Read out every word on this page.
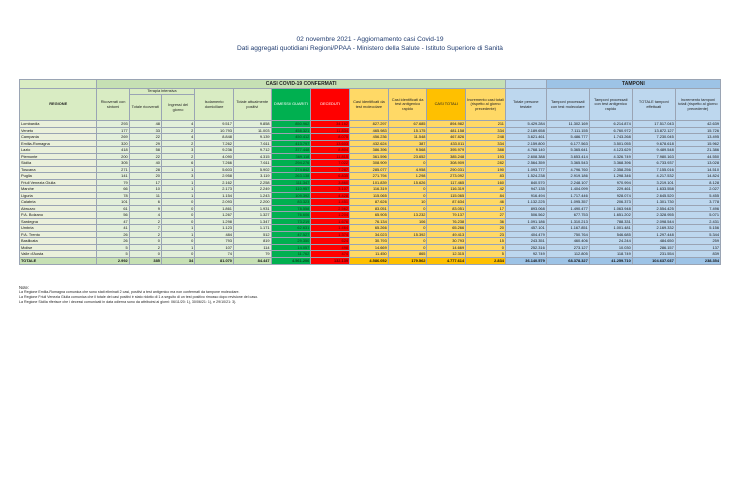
02 novembre 2021 - Aggiornamento casi Covid-19
Dati aggregati quotidiani Regioni/PPAA - Ministero della Salute - Istituto Superiore di Sanità
	CASI COVID-19 CONFERMATI												TAMPONI			
REGIONE	Ricoverati con sintomi	Terapia intensiva		Isolamento domiciliare	Totale attualmente positivi	DIMESSI/ GUARITI	DECEDUTI	Casi identificati da test molecolare	Casi identificati da test antigenico rapido	CASI TOTALI	Incremento casi totali (rispetto al giorno precedente)	Totale persone testate	Tamponi processati con test molecolare	Tamponi processati con test antigenico rapido	TOTALE tamponi effettuati	Incremento tamponi totali (rispetto al giorno precedente)
		Totale ricoverati	Ingressi del giorno													
Lombardia	293	48	4	9.517	9.858	850.962	34.162	827.297	67.685	894.982	211	5.429.284	11.302.169	6.214.874	17.517.043	42.639
Veneto	177	33	2	10.793	11.003	458.321	11.834	465.983	15.175	481.158	334	2.189.658	7.111.155	6.760.972	13.872.127	15.726
Campania	269	22	4	8.848	9.139	450.412	8.075	456.236	11.548	467.826	248	3.621.461	5.486.777	1.743.268	7.230.045	13.495
Emilia-Romagna	320	29	2	7.262	7.611	413.797	13.603	432.624	387	433.011	334	2.159.800	6.177.563	3.501.055	9.678.618	15.962
Lazio	418	58	3	9.236	9.712	377.448	8.804	386.396	9.568	395.979	388	4.768.140	5.365.641	4.123.629	9.489.548	21.386
Piemonte	200	22	2	4.090	4.315	369.118	11.815	361.596	23.652	385.248	193	2.608.388	3.653.414	4.326.749	7.980.163	44.550
Sicilia	305	40	6	7.266	7.611	294.276	7.022	308.909	0	308.909	282	2.564.359	3.365.543	3.368.396	6.733.937	13.028
Toscana	271	28	1	5.603	5.902	274.842	7.287	285.077	4.958	290.031	190	1.093.777	4.796.760	2.358.256	7.155.016	14.510
Puglia	141	20	3	2.958	3.119	263.138	6.835	271.794	1.298	273.092	83	1.524.238	2.919.186	1.298.346	4.217.532	14.824
Friuli Venezia Giulia	79	17	1	2.162	2.258	111.347	3.860	101.839	15.626	117.465	160	840.570	2.248.107	970.994	3.219.101	8.128
Marche	66	10	1	2.173	2.249	110.957	3.107	116.319	0	116.319	42	947.135	1.404.099	229.461	1.633.558	2.027
Liguria	78	11	1	1.154	1.243	109.392	4.428	115.065	0	115.065	84	916.494	1.717.446	928.074	2.645.520	5.455
Calabria	101	6	0	2.093	2.200	83.323	1.451	87.626	10	87.634	46	1.132.225	1.095.357	206.373	1.301.730	3.778
Abruzzo	61	9	0	1.861	1.931	78.558	2.562	83.051	0	83.051	17	893.068	1.490.477	1.063.948	2.554.425	7.496
P.A. Bolzano	56	4	0	1.267	1.327	76.606	1.204	65.905	13.232	79.137	27	506.562	677.753	1.651.202	2.328.955	5.071
Sardegna	47	2	0	1.298	1.347	73.219	1.676	76.134	106	76.238	36	1.091.186	1.310.213	788.331	2.098.544	2.431
Umbria	41	7	1	1.123	1.171	62.631	1.464	65.266	0	65.266	20	457.101	1.167.851	1.001.481	2.169.332	5.156
P.A. Trento	26	2	1	484	512	47.527	1.374	34.023	15.392	49.413	23	404.479	750.764	546.685	1.297.448	5.344
Basilicata	26	0	0	793	819	29.350	624	30.793	0	30.793	15	243.351	460.406	24.244	484.650	259
Molise	5	2	1	107	114	14.057	498	14.669	0	14.669	0	252.316	273.127	10.030	286.157	137
Valle d'Aosta	5	0	0	74	79	11.762	474	11.450	865	12.315	5	92.749	112.805	118.749	231.554	839
TOTALE	2.992	385	34	81.070	84.447	4.561.206	132.139	4.586.052	179.562	4.777.614	2.834	36.140.579	68.378.327	41.259.710	104.637.037	238.354
Note:
La Regione Emilia-Romagna comunica che sono stati eliminati 2 casi, positivi a test antigenico ma non confermati da tampone molecolare.
La Regione Friuli Venezia Giulia comunica che il totale dei casi positivi è stato ridotto di 1 a seguito di un test positivo rimosso dopo revisione del caso.
La Regione Sicilia riferisce che i decessi comunicati in data odierna sono da attribuirsi ai giorni: 06/11/20: 1), 30/06/21: 1), e 29/10/21: 3).
